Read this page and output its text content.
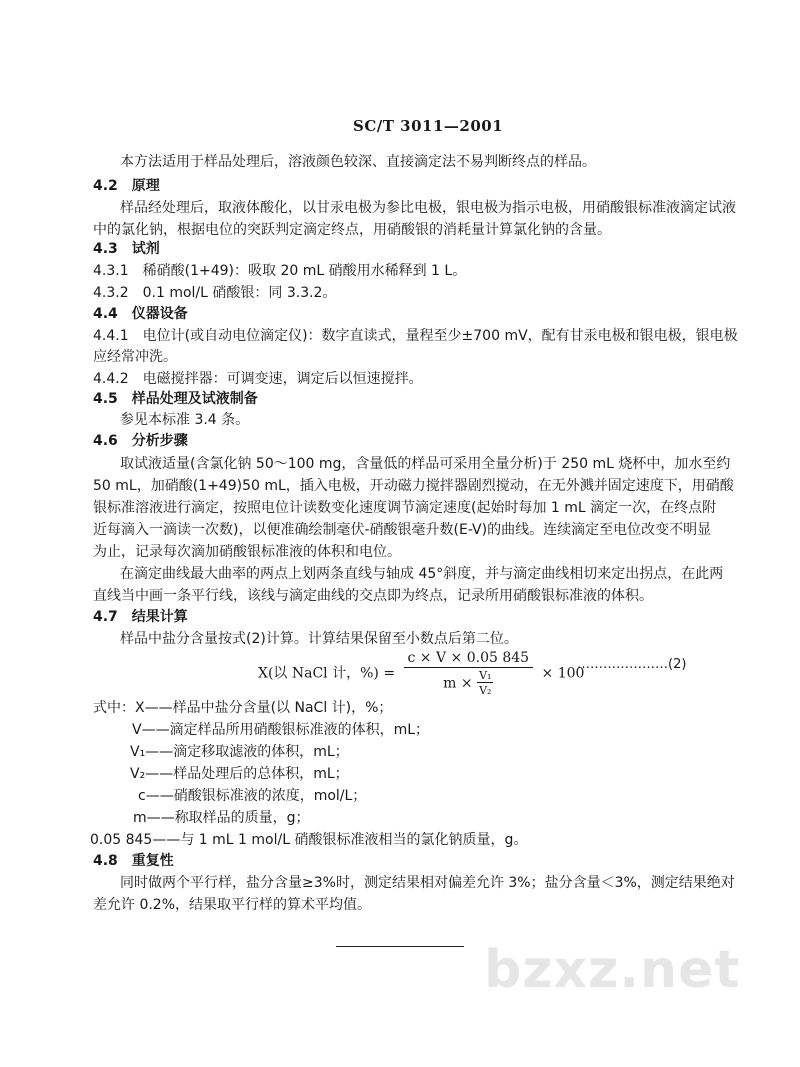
SC/T 3011—2001
本方法适用于样品处理后，溶液颜色较深、直接滴定法不易判断终点的样品。
4.2　原理
样品经处理后，取液体酸化，以甘汞电极为参比电极，银电极为指示电极，用硝酸银标准液滴定试液
中的氯化钠，根据电位的突跃判定滴定终点，用硝酸银的消耗量计算氯化钠的含量。
4.3　试剂
4.3.1　稀硝酸(1+49)：吸取 20 mL 硝酸用水稀释到 1 L。
4.3.2　0.1 mol/L 硝酸银：同 3.3.2。
4.4　仪器设备
4.4.1　电位计(或自动电位滴定仪)：数字直读式，量程至少±700 mV，配有甘汞电极和银电极，银电极
应经常冲洗。
4.4.2　电磁搅拌器：可调变速，调定后以恒速搅拌。
4.5　样品处理及试液制备
参见本标准 3.4 条。
4.6　分析步骤
取试液适量(含氯化钠 50～100 mg，含量低的样品可采用全量分析)于 250 mL 烧杯中，加水至约
50 mL，加硝酸(1+49)50 mL，插入电极，开动磁力搅拌器剧烈搅动，在无外溅并固定速度下，用硝酸
银标准溶液进行滴定，按照电位计读数变化速度调节滴定速度(起始时每加 1 mL 滴定一次，在终点附
近每滴入一滴读一次数)，以便准确绘制毫伏-硝酸银毫升数(E-V)的曲线。连续滴定至电位改变不明显
为止，记录每次滴加硝酸银标准液的体积和电位。
在滴定曲线最大曲率的两点上划两条直线与轴成 45°斜度，并与滴定曲线相切来定出拐点，在此两
直线当中画一条平行线，该线与滴定曲线的交点即为终点，记录所用硝酸银标准液的体积。
4.7　结果计算
样品中盐分含量按式(2)计算。计算结果保留至小数点后第二位。
X(以 NaCl 计，%) = $\frac{c \times V \times 0.05 845}{m \times \frac{\text{V₁}}{\text{V₂}}} \times 100$
…………………(2)
式中：X——样品中盐分含量(以 NaCl 计)，%；
V——滴定样品所用硝酸银标准液的体积，mL；
V₁——滴定移取滤液的体积，mL；
V₂——样品处理后的总体积，mL；
c——硝酸银标准液的浓度，mol/L；
m——称取样品的质量，g；
0.05 845——与 1 mL 1 mol/L 硝酸银标准液相当的氯化钠质量，g。
4.8　重复性
同时做两个平行样，盐分含量≥3%时，测定结果相对偏差允许 3%；盐分含量＜3%，测定结果绝对
差允许 0.2%，结果取平行样的算术平均值。
bzxz.net
